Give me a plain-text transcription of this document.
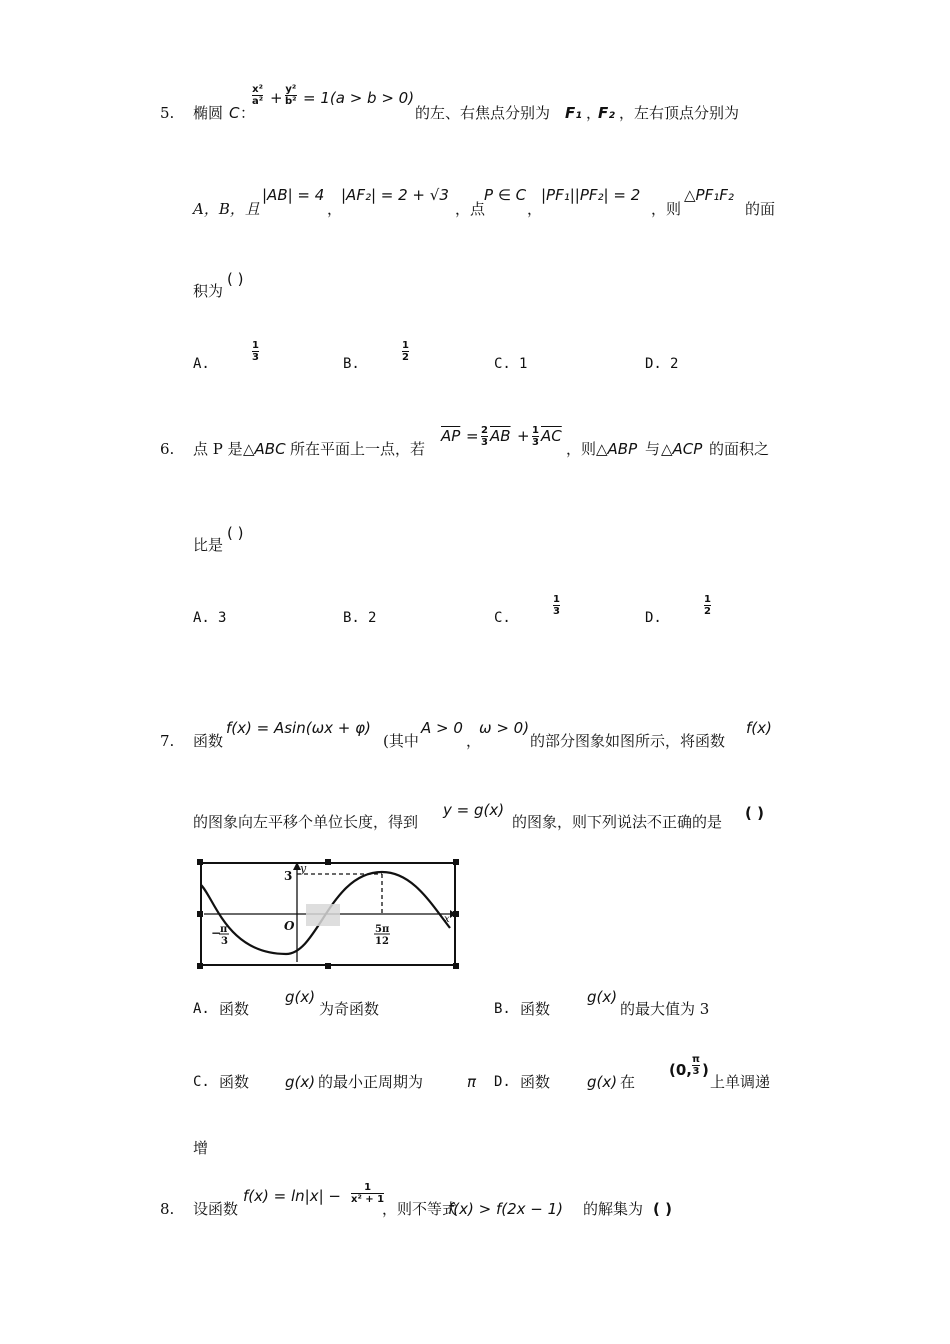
5. 椭圆 C ：
x²
a² + y²
b² = 1(a > b > 0)
的左、右焦点分别为 F₁ ，
F₂ ，左右顶点分别为
A，B，且
|AB| = 4
，
|AF₂| = 2 + √3
，点
P ∈ C
，
|PF₁||PF₂| = 2
，则
△PF₁F₂
的面
积为
( )
A.
1
3	B.
1
2	C. 1	D. 2
6. 点 P 是 △ABC 所在平面上一点，若
$\overline{AP} = 2$
3 $\overline{AB} + 1$
3 $\overline{AC}$
，则 △ABP 与 △ACP 的面积之
比是
( )
A. 3	B. 2	C.
1
3	D.
1
2
7. 函数
f(x) = Asin(ωx + φ)
(其中
A > 0
，
ω > 0)
的部分图象如图所示，将函数
f(x)
的图象向左平移个单位长度，得到
y = g(x)
的图象，则下列说法不正确的是 ( )
3
y
x
O
−
π
3
5π
12
A. 函数
g(x)
为奇函数	B. 函数
g(x)
的最大值为 3
C. 函数 g(x) 的最小正周期为	π D. 函数 g(x) 在
(0,
π
3 )
上单调递
增
8. 设函数
f(x) = ln|x| − 1
x² + 1
，则不等式
f(x) > f(2x − 1) 的解集为 ( )
